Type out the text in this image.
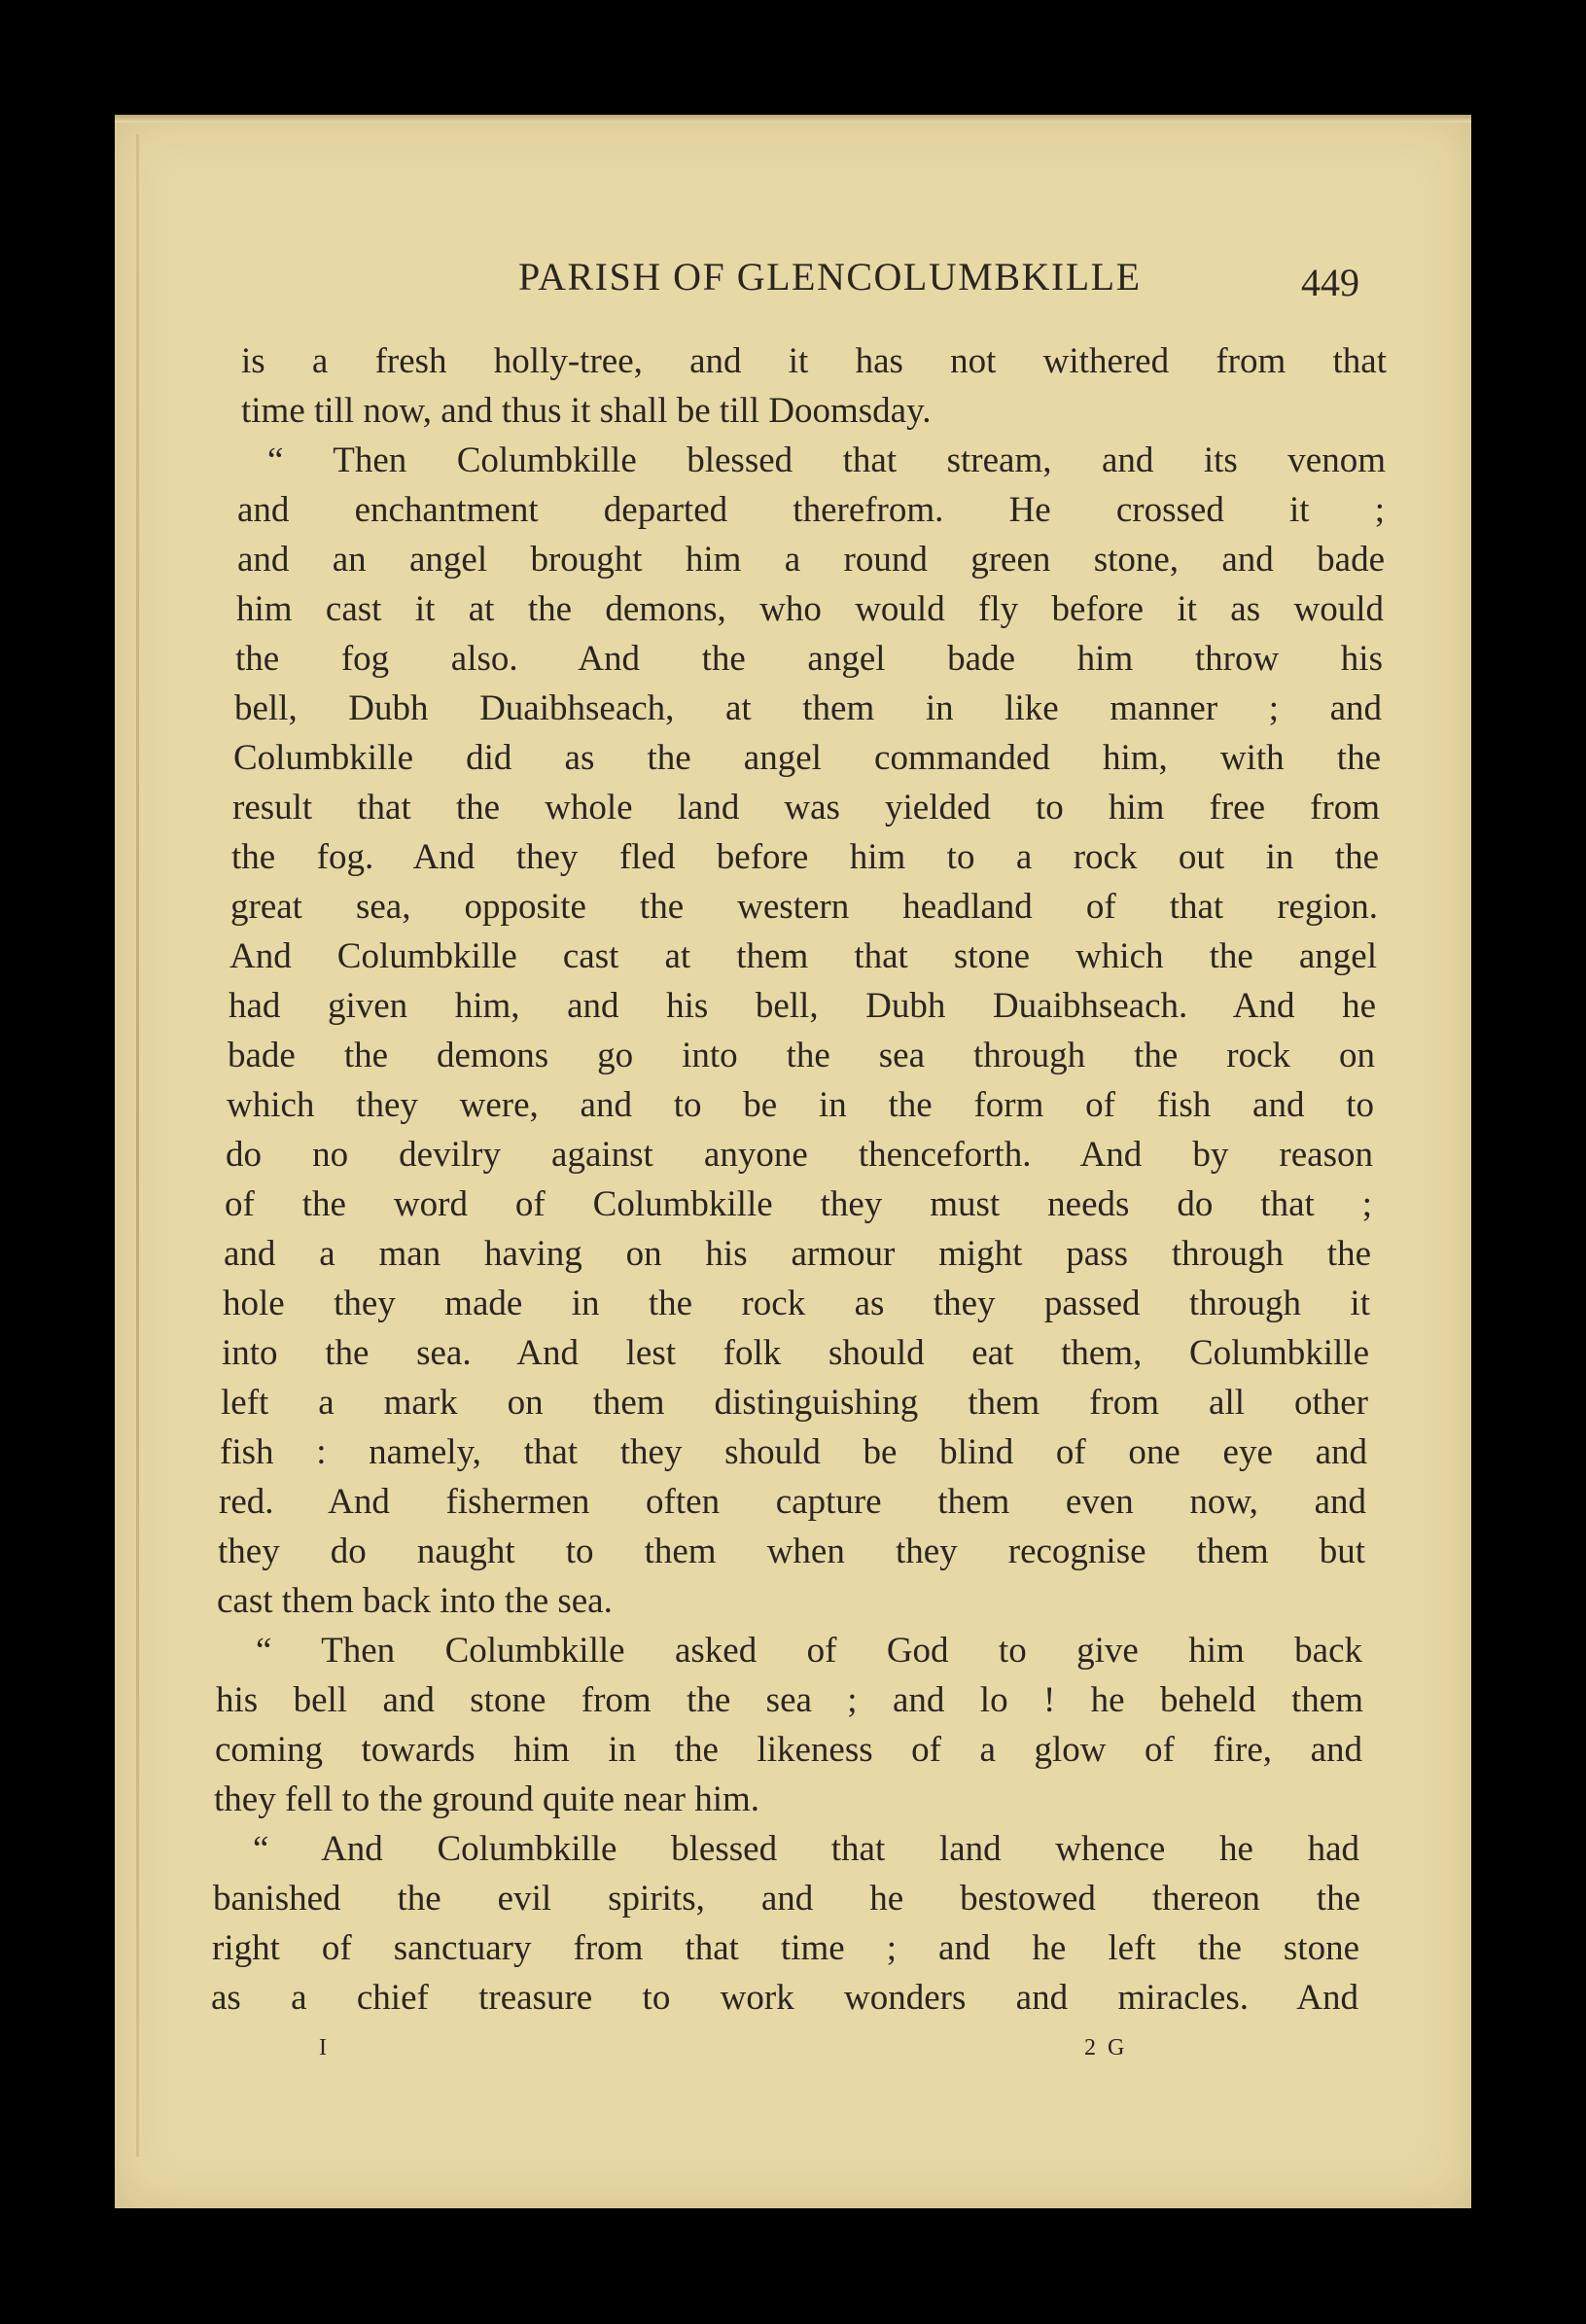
PARISH OF GLENCOLUMBKILLE	449
is a fresh holly-tree, and it has not withered from that
time till now, and thus it shall be till Doomsday.
“ Then Columbkille blessed that stream, and its venom
and enchantment departed therefrom. He crossed it ;
and an angel brought him a round green stone, and bade
him cast it at the demons, who would fly before it as would
the fog also. And the angel bade him throw his
bell, Dubh Duaibhseach, at them in like manner ; and
Columbkille did as the angel commanded him, with the
result that the whole land was yielded to him free from
the fog. And they fled before him to a rock out in the
great sea, opposite the western headland of that region.
And Columbkille cast at them that stone which the angel
had given him, and his bell, Dubh Duaibhseach. And he
bade the demons go into the sea through the rock on
which they were, and to be in the form of fish and to
do no devilry against anyone thenceforth. And by reason
of the word of Columbkille they must needs do that ;
and a man having on his armour might pass through the
hole they made in the rock as they passed through it
into the sea. And lest folk should eat them, Columbkille
left a mark on them distinguishing them from all other
fish : namely, that they should be blind of one eye and
red. And fishermen often capture them even now, and
they do naught to them when they recognise them but
cast them back into the sea.
“ Then Columbkille asked of God to give him back
his bell and stone from the sea ; and lo ! he beheld them
coming towards him in the likeness of a glow of fire, and
they fell to the ground quite near him.
“ And Columbkille blessed that land whence he had
banished the evil spirits, and he bestowed thereon the
right of sanctuary from that time ; and he left the stone
as a chief treasure to work wonders and miracles. And
I	2 G
